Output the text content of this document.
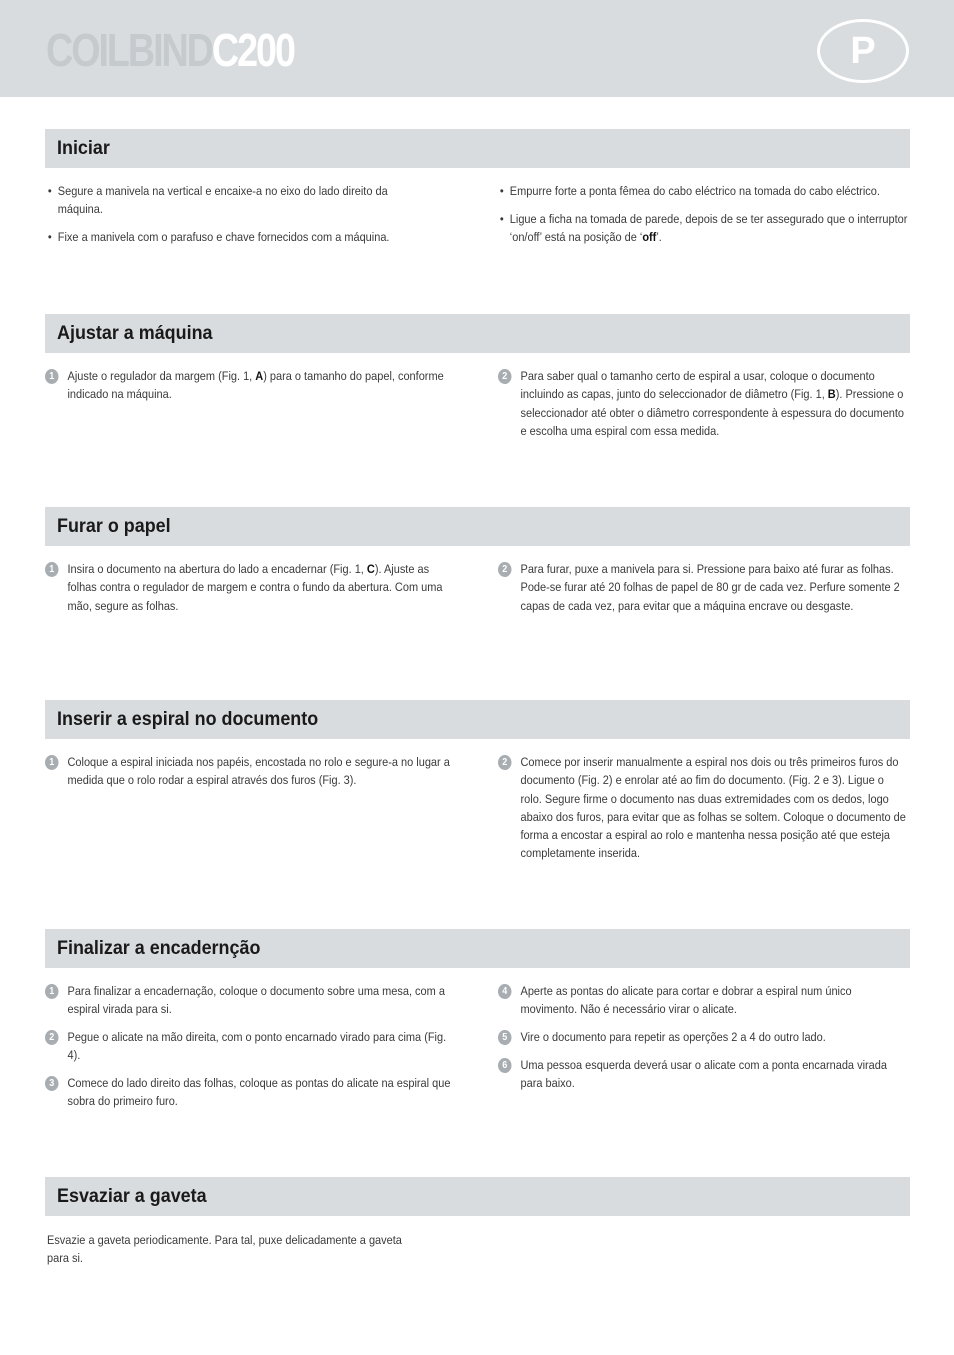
COILBINDC200	P
Iniciar
• Segure a manivela na vertical e encaixe-a no eixo do lado direito da máquina.
• Fixe a manivela com o parafuso e chave fornecidos com a máquina.
• Empurre forte a ponta fêmea do cabo eléctrico na tomada do cabo eléctrico.
• Ligue a ficha na tomada de parede, depois de se ter assegurado que o interruptor ‘on/off’ está na posição de ‘off’.
Ajustar a máquina
1	Ajuste o regulador da margem (Fig. 1, A) para o tamanho do papel, conforme indicado na máquina.
2	Para saber qual o tamanho certo de espiral a usar, coloque o documento incluindo as capas, junto do seleccionador de diâmetro (Fig. 1, B). Pressione o seleccionador até obter o diâmetro correspondente à espessura do documento e escolha uma espiral com essa medida.
Furar o papel
1	Insira o documento na abertura do lado a encadernar (Fig. 1, C). Ajuste as folhas contra o regulador de margem e contra o fundo da abertura. Com uma mão, segure as folhas.
2	Para furar, puxe a manivela para si. Pressione para baixo até furar as folhas. Pode-se furar até 20 folhas de papel de 80 gr de cada vez. Perfure somente 2 capas de cada vez, para evitar que a máquina encrave ou desgaste.
Inserir a espiral no documento
1	Coloque a espiral iniciada nos papéis, encostada no rolo e segure-a no lugar a medida que o rolo rodar a espiral através dos furos (Fig. 3).
2	Comece por inserir manualmente a espiral nos dois ou três primeiros furos do documento (Fig. 2) e enrolar até ao fim do documento. (Fig. 2 e 3). Ligue o rolo. Segure firme o documento nas duas extremidades com os dedos, logo abaixo dos furos, para evitar que as folhas se soltem. Coloque o documento de forma a encostar a espiral ao rolo e mantenha nessa posição até que esteja completamente inserida.
Finalizar a encadernção
1	Para finalizar a encadernação, coloque o documento sobre uma mesa, com a espiral virada para si.
2	Pegue o alicate na mão direita, com o ponto encarnado virado para cima (Fig. 4).
3	Comece do lado direito das folhas, coloque as pontas do alicate na espiral que sobra do primeiro furo.
4	Aperte as pontas do alicate para cortar e dobrar a espiral num único movimento. Não é necessário virar o alicate.
5	Vire o documento para repetir as operções 2 a 4 do outro lado.
6	Uma pessoa esquerda deverá usar o alicate com a ponta encarnada virada para baixo.
Esvaziar a gaveta
Esvazie a gaveta periodicamente. Para tal, puxe delicadamente a gaveta para si.
